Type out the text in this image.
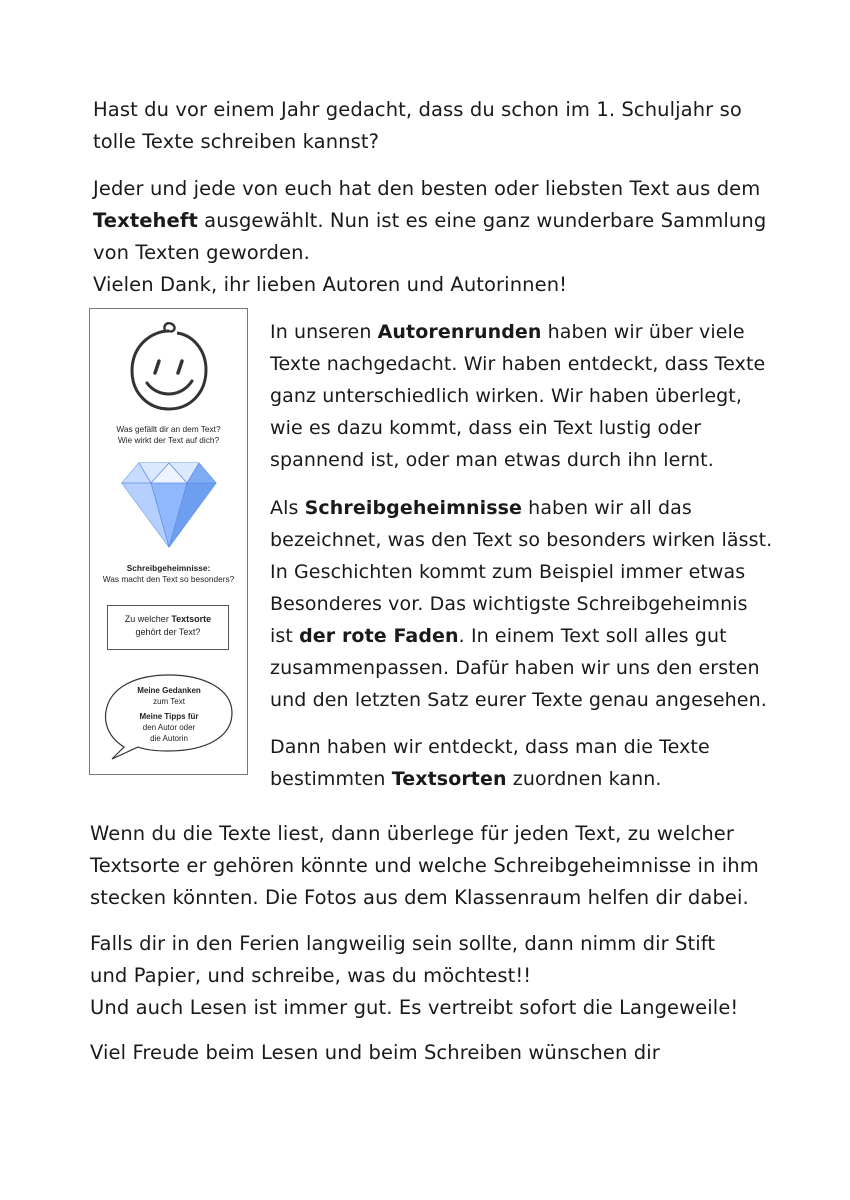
Hast du vor einem Jahr gedacht, dass du schon im 1. Schuljahr so
tolle Texte schreiben kannst?
Jeder und jede von euch hat den besten oder liebsten Text aus dem
Texteheft ausgewählt. Nun ist es eine ganz wunderbare Sammlung
von Texten geworden.
Vielen Dank, ihr lieben Autoren und Autorinnen!
Was gefällt dir an dem Text?
Wie wirkt der Text auf dich?
Schreibgeheimnisse:
Was macht den Text so besonders?
Zu welcher Textsorte
gehört der Text?
Meine Gedanken
zum Text
Meine Tipps für
den Autor oder
die Autorin
In unseren Autorenrunden haben wir über viele
Texte nachgedacht. Wir haben entdeckt, dass Texte
ganz unterschiedlich wirken. Wir haben überlegt,
wie es dazu kommt, dass ein Text lustig oder
spannend ist, oder man etwas durch ihn lernt.
Als Schreibgeheimnisse haben wir all das
bezeichnet, was den Text so besonders wirken lässt.
In Geschichten kommt zum Beispiel immer etwas
Besonderes vor. Das wichtigste Schreibgeheimnis
ist der rote Faden. In einem Text soll alles gut
zusammenpassen. Dafür haben wir uns den ersten
und den letzten Satz eurer Texte genau angesehen.
Dann haben wir entdeckt, dass man die Texte
bestimmten Textsorten zuordnen kann.
Wenn du die Texte liest, dann überlege für jeden Text, zu welcher
Textsorte er gehören könnte und welche Schreibgeheimnisse in ihm
stecken könnten. Die Fotos aus dem Klassenraum helfen dir dabei.
Falls dir in den Ferien langweilig sein sollte, dann nimm dir Stift
und Papier, und schreibe, was du möchtest!!
Und auch Lesen ist immer gut. Es vertreibt sofort die Langeweile!
Viel Freude beim Lesen und beim Schreiben wünschen dir
